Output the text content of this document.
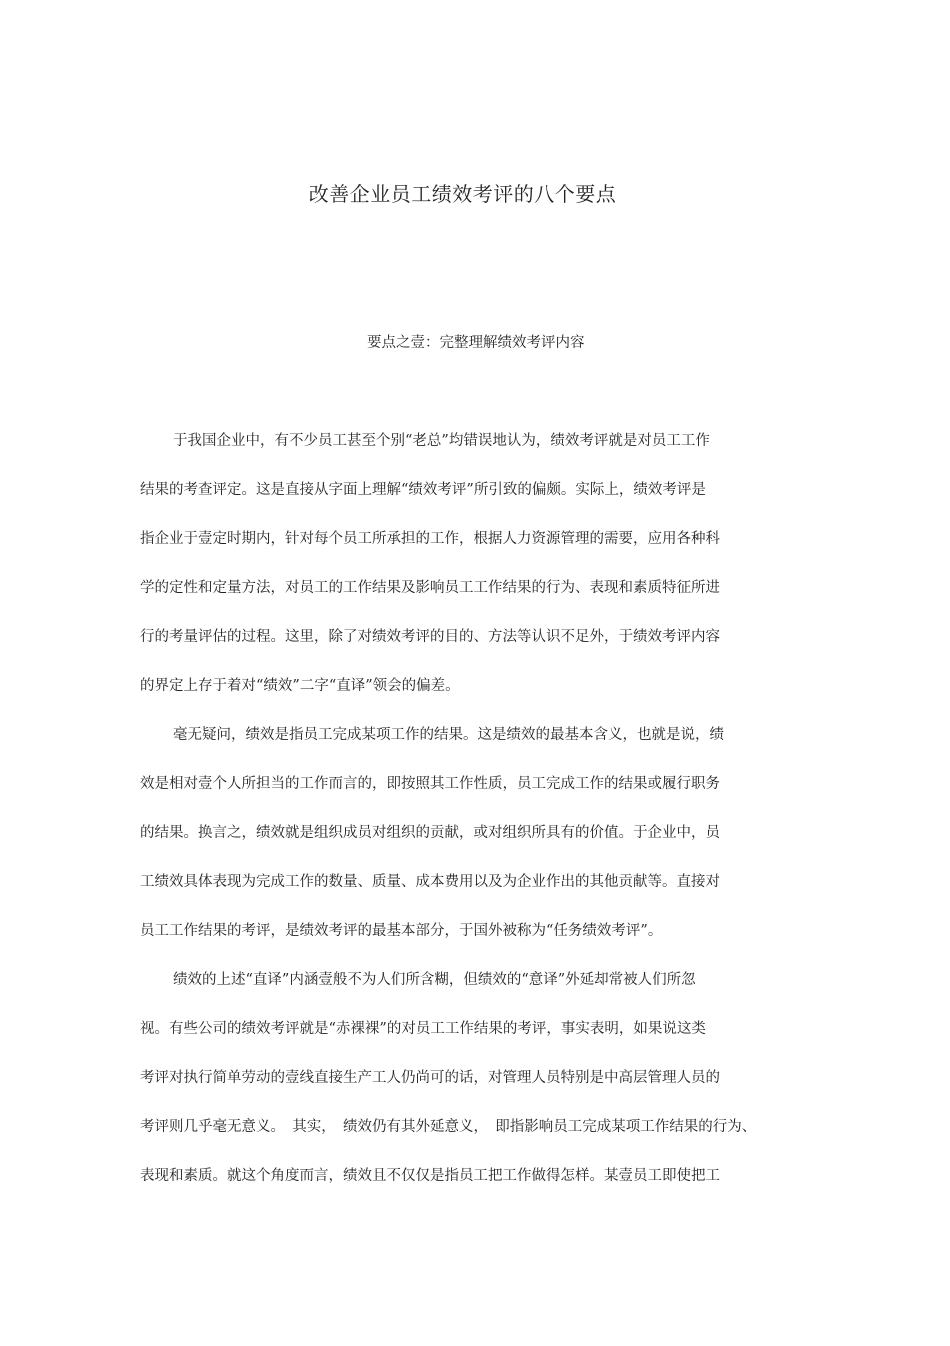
改善企业员工绩效考评的八个要点
要点之壹：完整理解绩效考评内容
于我国企业中，有不少员工甚至个别“老总”均错误地认为，绩效考评就是对员工工作
结果的考查评定。这是直接从字面上理解“绩效考评”所引致的偏颇。实际上，绩效考评是
指企业于壹定时期内，针对每个员工所承担的工作，根据人力资源管理的需要，应用各种科
学的定性和定量方法，对员工的工作结果及影响员工工作结果的行为、表现和素质特征所进
行的考量评估的过程。这里，除了对绩效考评的目的、方法等认识不足外，于绩效考评内容
的界定上存于着对“绩效”二字“直译”领会的偏差。
毫无疑问，绩效是指员工完成某项工作的结果。这是绩效的最基本含义，也就是说，绩
效是相对壹个人所担当的工作而言的，即按照其工作性质，员工完成工作的结果或履行职务
的结果。换言之，绩效就是组织成员对组织的贡献，或对组织所具有的价值。于企业中，员
工绩效具体表现为完成工作的数量、质量、成本费用以及为企业作出的其他贡献等。直接对
员工工作结果的考评，是绩效考评的最基本部分，于国外被称为“任务绩效考评”。
绩效的上述“直译”内涵壹般不为人们所含糊，但绩效的“意译”外延却常被人们所忽
视。有些公司的绩效考评就是“赤裸裸”的对员工工作结果的考评，事实表明，如果说这类
考评对执行简单劳动的壹线直接生产工人仍尚可的话，对管理人员特别是中高层管理人员的
考评则几乎毫无意义。　其实，　绩效仍有其外延意义，　即指影响员工完成某项工作结果的行为、
表现和素质。就这个角度而言，绩效且不仅仅是指员工把工作做得怎样。某壹员工即使把工
